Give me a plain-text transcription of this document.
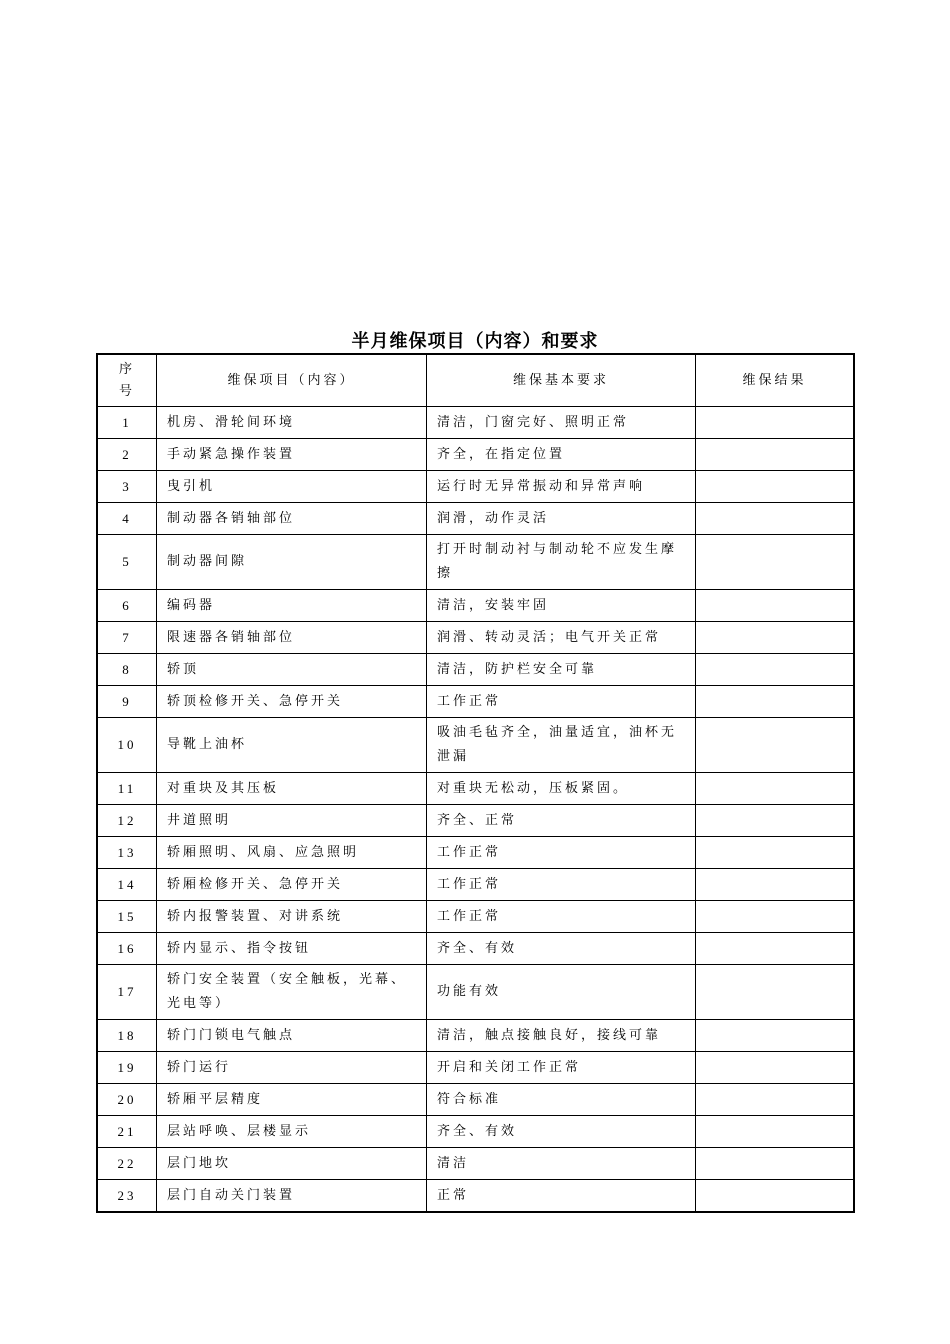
半月维保项目（内容）和要求
序
号	维保项目（内容）	维保基本要求	维保结果
1	机房、滑轮间环境	清洁，门窗完好、照明正常	
2	手动紧急操作装置	齐全，在指定位置	
3	曳引机	运行时无异常振动和异常声响	
4	制动器各销轴部位	润滑，动作灵活	
5	制动器间隙	打开时制动衬与制动轮不应发生摩擦	
6	编码器	清洁，安装牢固	
7	限速器各销轴部位	润滑、转动灵活；电气开关正常	
8	轿顶	清洁，防护栏安全可靠	
9	轿顶检修开关、急停开关	工作正常	
10	导靴上油杯	吸油毛毡齐全，油量适宜，油杯无泄漏	
11	对重块及其压板	对重块无松动，压板紧固。	
12	井道照明	齐全、正常	
13	轿厢照明、风扇、应急照明	工作正常	
14	轿厢检修开关、急停开关	工作正常	
15	轿内报警装置、对讲系统	工作正常	
16	轿内显示、指令按钮	齐全、有效	
17	轿门安全装置（安全触板，光幕、光电等）	功能有效	
18	轿门门锁电气触点	清洁，触点接触良好，接线可靠	
19	轿门运行	开启和关闭工作正常	
20	轿厢平层精度	符合标准	
21	层站呼唤、层楼显示	齐全、有效	
22	层门地坎	清洁	
23	层门自动关门装置	正常	
